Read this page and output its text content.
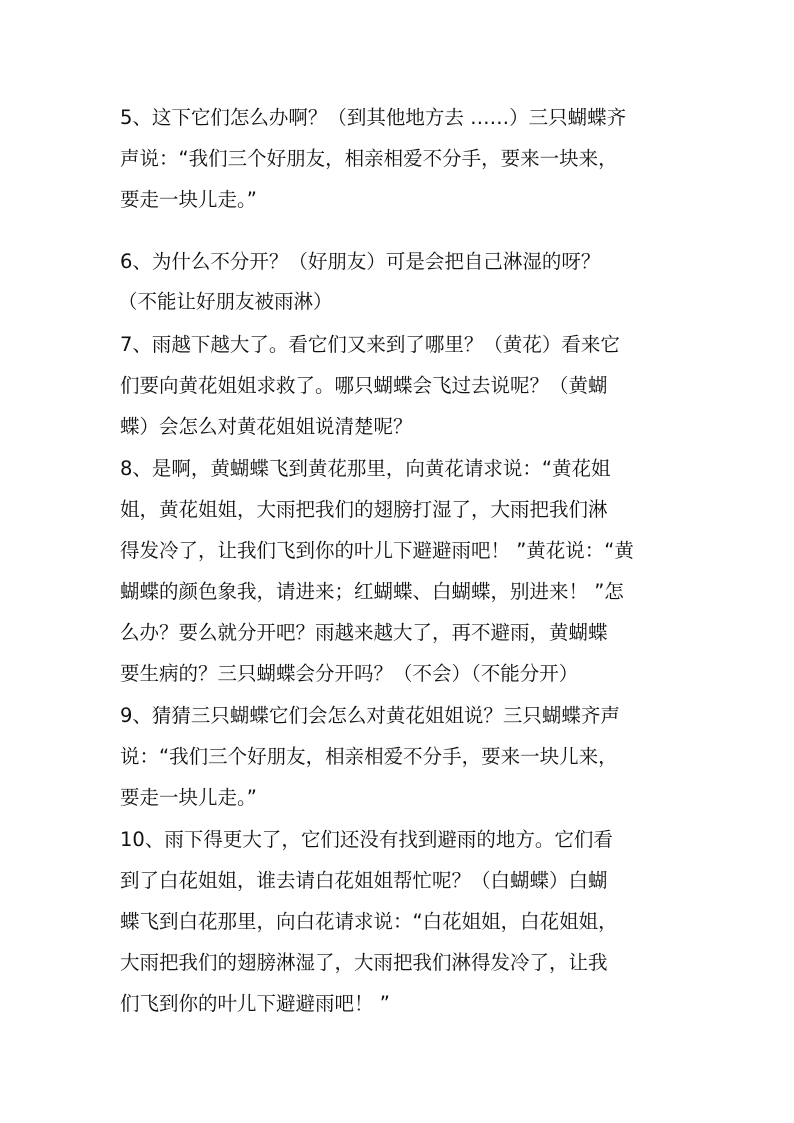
5、这下它们怎么办啊？（到其他地方去 ……）三只蝴蝶齐
声说：“我们三个好朋友，相亲相爱不分手，要来一块来，
要走一块儿走。”
6、为什么不分开？（好朋友）可是会把自己淋湿的呀？
（不能让好朋友被雨淋）
7、雨越下越大了。看它们又来到了哪里？（黄花）看来它
们要向黄花姐姐求救了。哪只蝴蝶会飞过去说呢？（黄蝴
蝶）会怎么对黄花姐姐说清楚呢？
8、是啊，黄蝴蝶飞到黄花那里，向黄花请求说：“黄花姐
姐，黄花姐姐，大雨把我们的翅膀打湿了，大雨把我们淋
得发冷了，让我们飞到你的叶儿下避避雨吧！ ”黄花说：“黄
蝴蝶的颜色象我，请进来；红蝴蝶、白蝴蝶，别进来！ ”怎
么办？要么就分开吧？雨越来越大了，再不避雨，黄蝴蝶
要生病的？三只蝴蝶会分开吗？（不会）（不能分开）
9、猜猜三只蝴蝶它们会怎么对黄花姐姐说？三只蝴蝶齐声
说：“我们三个好朋友，相亲相爱不分手，要来一块儿来，
要走一块儿走。”
10、雨下得更大了，它们还没有找到避雨的地方。它们看
到了白花姐姐，谁去请白花姐姐帮忙呢？（白蝴蝶）白蝴
蝶飞到白花那里，向白花请求说：“白花姐姐，白花姐姐，
大雨把我们的翅膀淋湿了，大雨把我们淋得发冷了，让我
们飞到你的叶儿下避避雨吧！ ”
